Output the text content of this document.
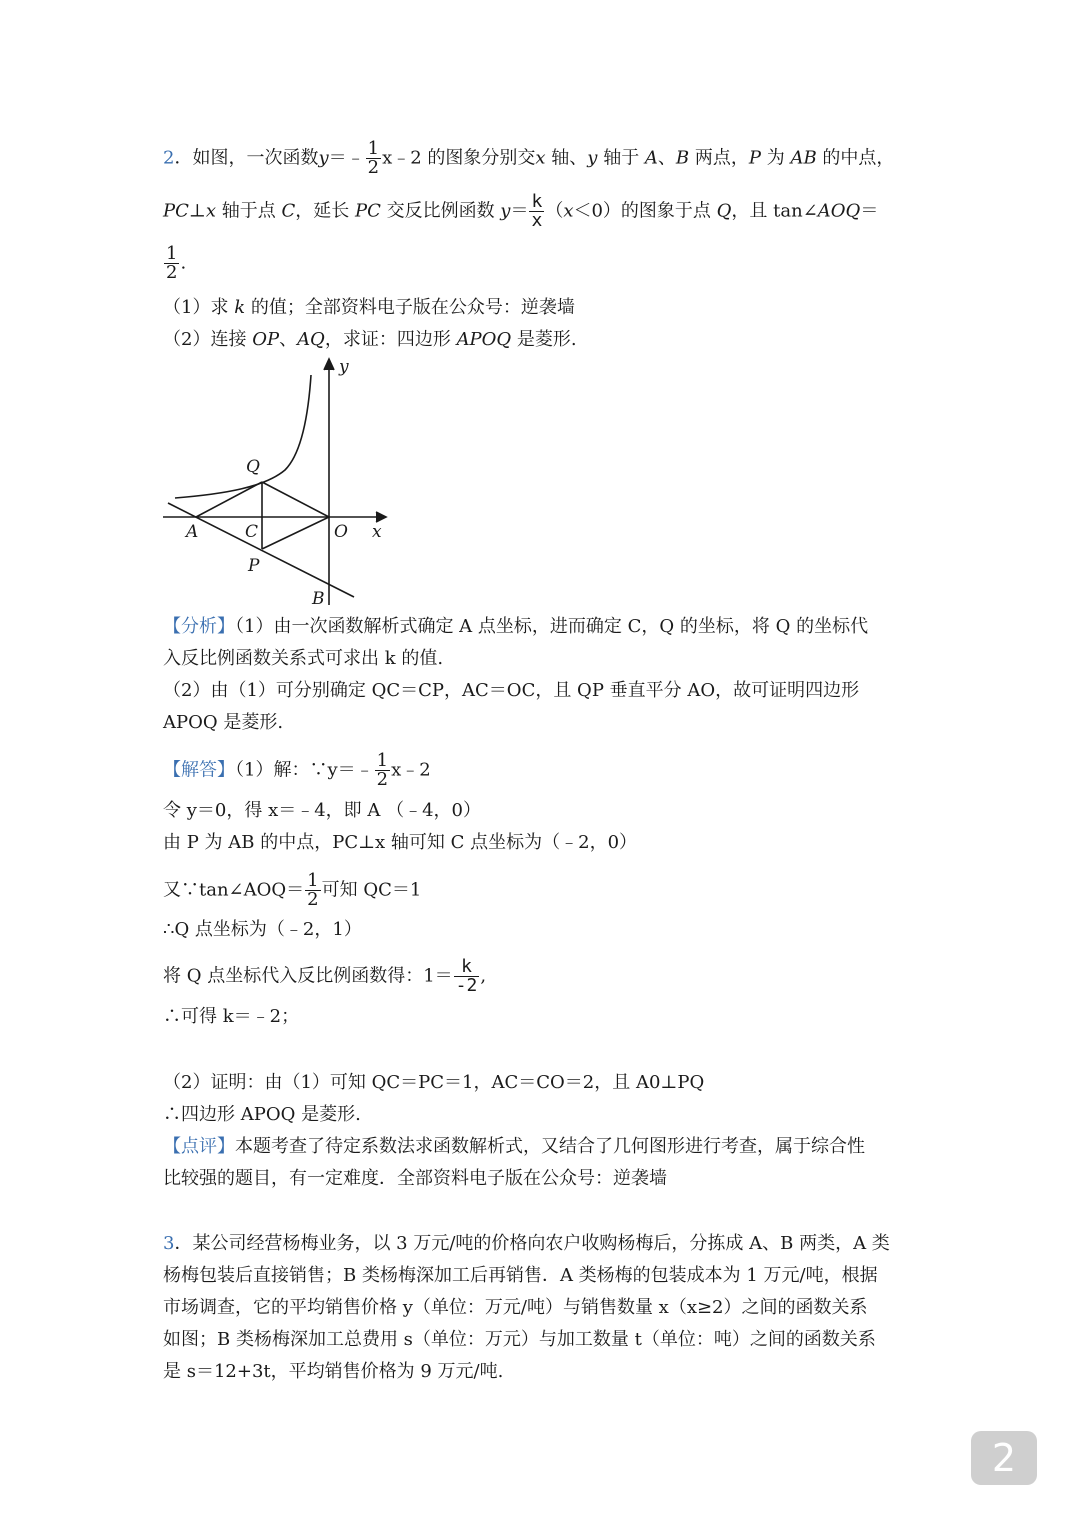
2．如图，一次函数y＝﹣ $\frac{1}{2}$ x﹣2 的图象分别交x 轴、y 轴于 A、B 两点，P 为 AB 的中点，
PC⊥x 轴于点 C，延长 PC 交反比例函数 $y= \frac{k}{x} (x<0)$的图象于点 Q，且 tan∠AOQ＝
$\frac{1}{2}$ .
（1）求 k 的值；全部资料电子版在公众号：逆袭墙
（2）连接 OP、AQ，求证：四边形 APOQ 是菱形.
y
x
Q
A	C	O
P
B
【分析】（1）由一次函数解析式确定 A 点坐标，进而确定 C，Q 的坐标，将 Q 的坐标代
入反比例函数关系式可求出 k 的值.
（2）由（1）可分别确定 QC＝CP，AC＝OC，且 QP 垂直平分 AO，故可证明四边形
APOQ 是菱形.
【解答】（1）解：∵y＝﹣ $\frac{1}{2}$ x﹣2
令 y＝0，得 x＝﹣4，即 A （﹣4，0）
由 P 为 AB 的中点，PC⊥x 轴可知 C 点坐标为（﹣2，0）
又∵tan∠AOQ＝ $\frac{1}{2}$ 可知 QC＝1
∴Q 点坐标为（﹣2，1）
将 Q 点坐标代入反比例函数得：$1= \frac{k}{-2}$ ,
∴可得 k＝﹣2；
（2）证明：由（1）可知 QC＝PC＝1，AC＝CO＝2，且 A0⊥PQ
∴四边形 APOQ 是菱形.
【点评】本题考查了待定系数法求函数解析式，又结合了几何图形进行考查，属于综合性
比较强的题目，有一定难度．全部资料电子版在公众号：逆袭墙
3．某公司经营杨梅业务，以 3 万元/吨的价格向农户收购杨梅后，分拣成 A、B 两类，A 类
杨梅包装后直接销售；B 类杨梅深加工后再销售．A 类杨梅的包装成本为 1 万元/吨，根据
市场调查，它的平均销售价格 y（单位：万元/吨）与销售数量 x（x≥2）之间的函数关系
如图；B 类杨梅深加工总费用 s（单位：万元）与加工数量 t（单位：吨）之间的函数关系
是 s＝12+3t，平均销售价格为 9 万元/吨.
2
